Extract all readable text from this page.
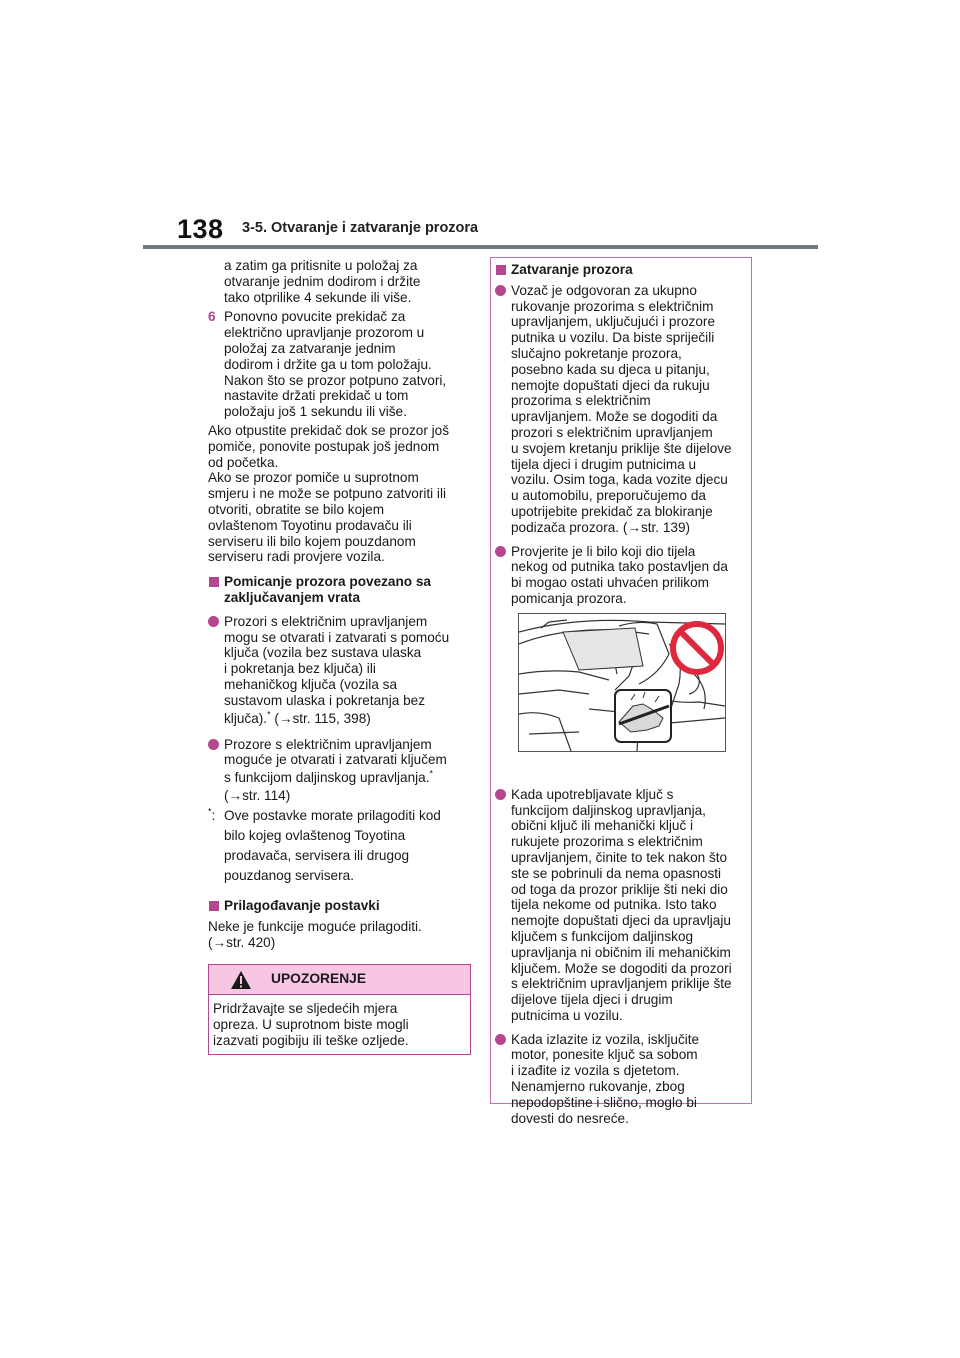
138 3-5. Otvaranje i zatvaranje prozora

a zatim ga pritisnite u položaj za

otvaranje jednim dodirom i držite

tako otprilike 4 sekunde ili više.

6 Ponovno povucite prekidač za

električno upravljanje prozorom u

položaj za zatvaranje jednim

dodirom i držite ga u tom položaju.

Nakon što se prozor potpuno zatvori,

nastavite držati prekidač u tom

položaju još 1 sekundu ili više.

Ako otpustite prekidač dok se prozor još

pomiče, ponovite postupak još jednom

od početka.

Ako se prozor pomiče u suprotnom

smjeru i ne može se potpuno zatvoriti ili

otvoriti, obratite se bilo kojem

ovlaštenom Toyotinu prodavaču ili

serviseru ili bilo kojem pouzdanom

serviseru radi provjere vozila.

Pomicanje prozora povezano sa

zaključavanjem vrata

Prozori s električnim upravljanjem

mogu se otvarati i zatvarati s pomoću

ključa (vozila bez sustava ulaska

i pokretanja bez ključa) ili

mehaničkog ključa (vozila sa

sustavom ulaska i pokretanja bez

ključa).* (→str. 115, 398)

Prozore s električnim upravljanjem

moguće je otvarati i zatvarati ključem

s funkcijom daljinskog upravljanja.*

(→str. 114)

*: Ove postavke morate prilagoditi kod

bilo kojeg ovlaštenog Toyotina

prodavača, servisera ili drugog

pouzdanog servisera.

Prilagođavanje postavki

Neke je funkcije moguće prilagoditi.

(→str. 420)

UPOZORENJE

Pridržavajte se sljedećih mjera

opreza. U suprotnom biste mogli

izazvati pogibiju ili teške ozljede.

Zatvaranje prozora

Vozač je odgovoran za ukupno

rukovanje prozorima s električnim

upravljanjem, uključujući i prozore

putnika u vozilu. Da biste spriječili

slučajno pokretanje prozora,

posebno kada su djeca u pitanju,

nemojte dopuštati djeci da rukuju

prozorima s električnim

upravljanjem. Može se dogoditi da

prozori s električnim upravljanjem

u svojem kretanju priklije šte dijelove

tijela djeci i drugim putnicima u

vozilu. Osim toga, kada vozite djecu

u automobilu, preporučujemo da

upotrijebite prekidač za blokiranje

podizača prozora. (→str. 139)

Provjerite je li bilo koji dio tijela

nekog od putnika tako postavljen da

bi mogao ostati uhvaćen prilikom

pomicanja prozora.

Kada upotrebljavate ključ s

funkcijom daljinskog upravljanja,

obični ključ ili mehanički ključ i

rukujete prozorima s električnim

upravljanjem, činite to tek nakon što

ste se pobrinuli da nema opasnosti

od toga da prozor priklije šti neki dio

tijela nekome od putnika. Isto tako

nemojte dopuštati djeci da upravljaju

ključem s funkcijom daljinskog

upravljanja ni običnim ili mehaničkim

ključem. Može se dogoditi da prozori

s električnim upravljanjem priklije šte

dijelove tijela djeci i drugim

putnicima u vozilu.

Kada izlazite iz vozila, isključite

motor, ponesite ključ sa sobom

i izađite iz vozila s djetetom.

Nenamjerno rukovanje, zbog

nepodopštine i slično, moglo bi

dovesti do nesreće.
